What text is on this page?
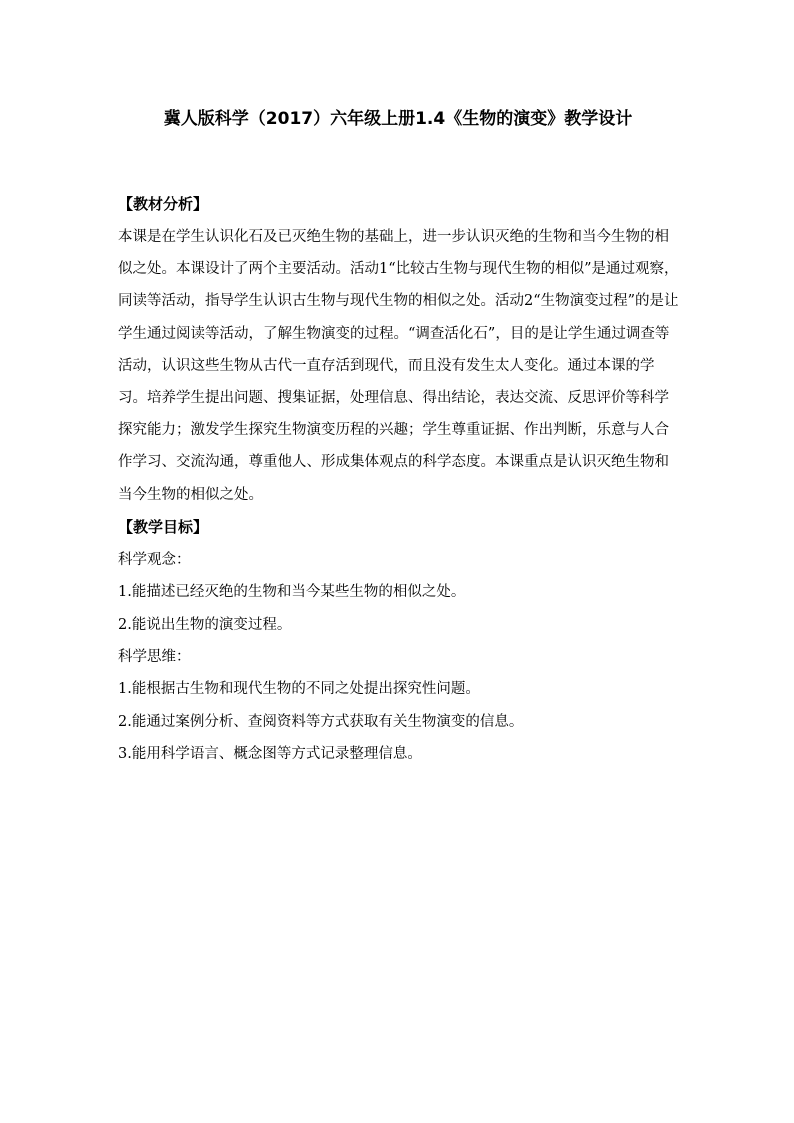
冀人版科学（2017）六年级上册1.4《生物的演变》教学设计

【教材分析】

本课是在学生认识化石及已灭绝生物的基础上，进一步认识灭绝的生物和当今生物的相似之处。本课设计了两个主要活动。活动1“比较古生物与现代生物的相似”是通过观察，同读等活动，指导学生认识古生物与现代生物的相似之处。活动2“生物演变过程”的是让学生通过阅读等活动，了解生物演变的过程。“调查活化石”，目的是让学生通过调查等活动，认识这些生物从古代一直存活到现代，而且没有发生太人变化。通过本课的学习。培养学生提出问题、搜集证据，处理信息、得出结论，表达交流、反思评价等科学探究能力；激发学生探究生物演变历程的兴趣；学生尊重证据、作出判断，乐意与人合作学习、交流沟通，尊重他人、形成集体观点的科学态度。本课重点是认识灭绝生物和当今生物的相似之处。

【教学目标】

科学观念：

1.能描述已经灭绝的生物和当今某些生物的相似之处。

2.能说出生物的演变过程。

科学思维：

1.能根据古生物和现代生物的不同之处提出探究性问题。

2.能通过案例分析、查阅资料等方式获取有关生物演变的信息。

3.能用科学语言、概念图等方式记录整理信息。
